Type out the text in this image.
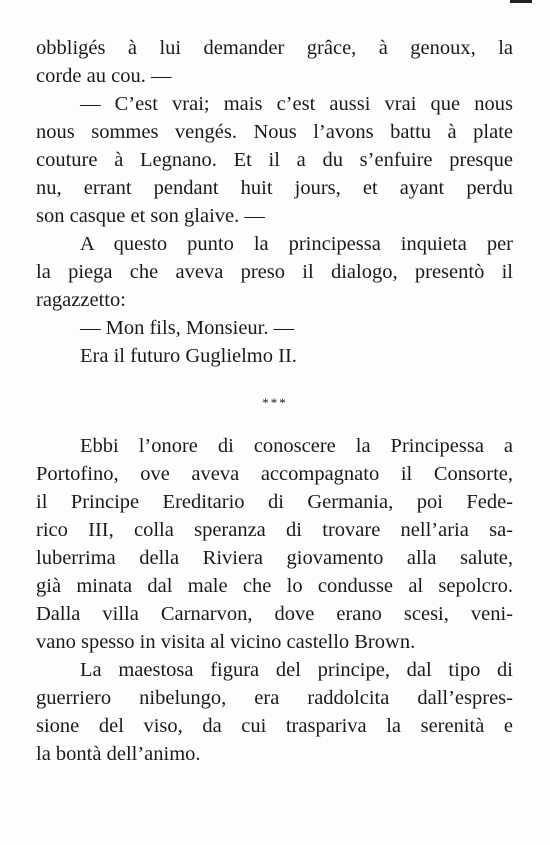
obbligés à lui demander grâce, à genoux, la
corde au cou. —
— C’est vrai; mais c’est aussi vrai que nous
nous sommes vengés. Nous l’avons battu à plate
couture à Legnano. Et il a du s’enfuire presque
nu, errant pendant huit jours, et ayant perdu
son casque et son glaive. —
A questo punto la principessa inquieta per
la piega che aveva preso il dialogo, presentò il
ragazzetto:
— Mon fils, Monsieur. —
Era il futuro Guglielmo II.
***
Ebbi l’onore di conoscere la Principessa a
Portofino, ove aveva accompagnato il Consorte,
il Principe Ereditario di Germania, poi Fede-
rico III, colla speranza di trovare nell’aria sa-
luberrima della Riviera giovamento alla salute,
già minata dal male che lo condusse al sepolcro.
Dalla villa Carnarvon, dove erano scesi, veni-
vano spesso in visita al vicino castello Brown.
La maestosa figura del principe, dal tipo di
guerriero nibelungo, era raddolcita dall’espres-
sione del viso, da cui traspariva la serenità e
la bontà dell’animo.
